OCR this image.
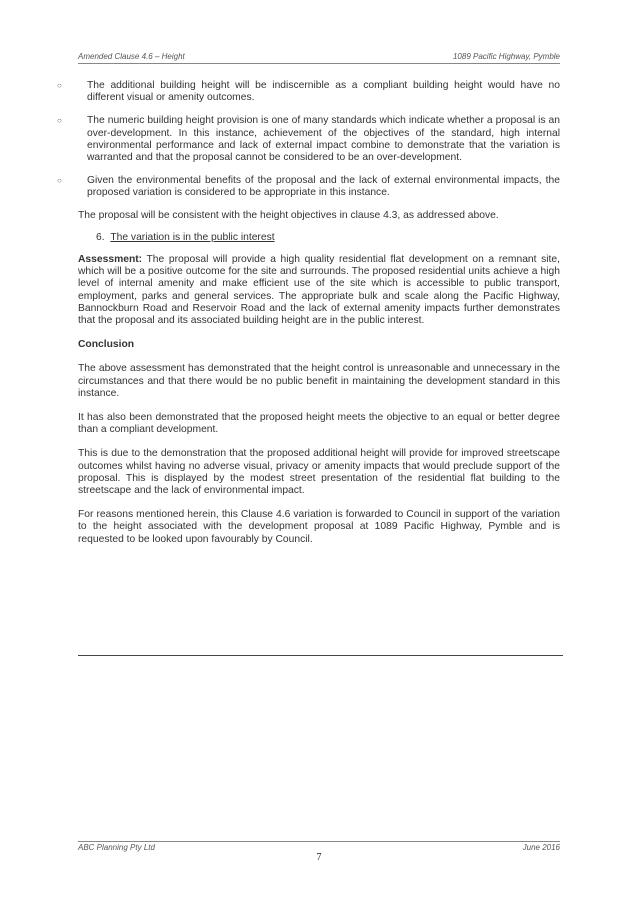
Amended Clause 4.6 – Height	1089 Pacific Highway, Pymble
○ The additional building height will be indiscernible as a compliant building height would have no different visual or amenity outcomes.
○ The numeric building height provision is one of many standards which indicate whether a proposal is an over-development. In this instance, achievement of the objectives of the standard, high internal environmental performance and lack of external impact combine to demonstrate that the variation is warranted and that the proposal cannot be considered to be an over-development.
○ Given the environmental benefits of the proposal and the lack of external environmental impacts, the proposed variation is considered to be appropriate in this instance.

The proposal will be consistent with the height objectives in clause 4.3, as addressed above.

6. The variation is in the public interest

Assessment: The proposal will provide a high quality residential flat development on a remnant site, which will be a positive outcome for the site and surrounds. The proposed residential units achieve a high level of internal amenity and make efficient use of the site which is accessible to public transport, employment, parks and general services. The appropriate bulk and scale along the Pacific Highway, Bannockburn Road and Reservoir Road and the lack of external amenity impacts further demonstrates that the proposal and its associated building height are in the public interest.

Conclusion

The above assessment has demonstrated that the height control is unreasonable and unnecessary in the circumstances and that there would be no public benefit in maintaining the development standard in this instance.

It has also been demonstrated that the proposed height meets the objective to an equal or better degree than a compliant development.

This is due to the demonstration that the proposed additional height will provide for improved streetscape outcomes whilst having no adverse visual, privacy or amenity impacts that would preclude support of the proposal. This is displayed by the modest street presentation of the residential flat building to the streetscape and the lack of environmental impact.

For reasons mentioned herein, this Clause 4.6 variation is forwarded to Council in support of the variation to the height associated with the development proposal at 1089 Pacific Highway, Pymble and is requested to be looked upon favourably by Council.

ABC Planning Pty Ltd	June 2016
7
